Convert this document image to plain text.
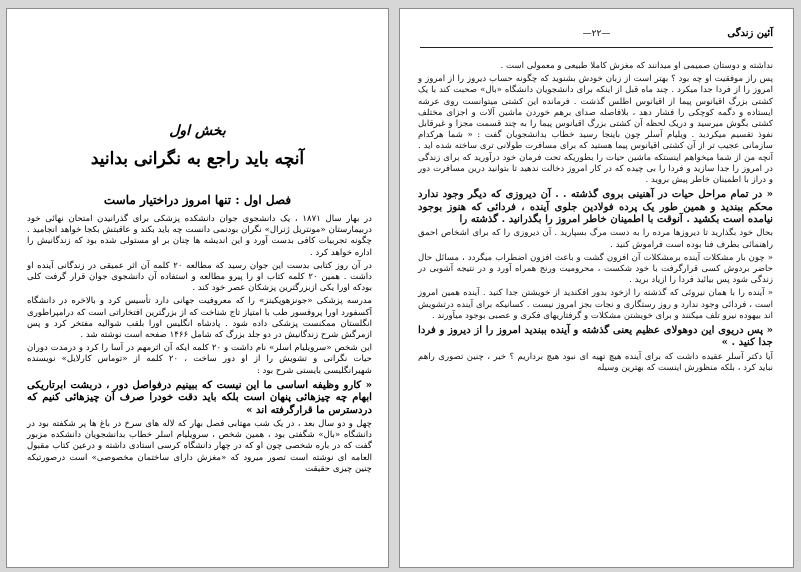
بخش اول
آنچه باید راجع به نگرانی بدانید
فصل اول : تنها امروز دراختیار ماست

در بهار سال ۱۸۷۱ ، یک دانشجوی جوان دانشکده پزشکی برای گذرانیدن امتحان نهائی خود دربیمارستان «مونتریل ژنرال» نگران بودنمی دانست چه باید بکند و عاقبتش بکجا خواهد انجامید . چگونه تجربیات کافی بدست آورد و این اندیشه ها چنان بر او مستولی شده بود که زندگانیش را اداره خواهد کرد .

در آن روز کتابی بدست این جوان رسید که مطالعه ۲۰ کلمه آن اثر عمیقی در زندگانی آینده او داشت . همین ۲۰ کلمه کتاب او را پیرو مطالعه و استفاده آن دانشجوی جوان قرار گرفت کلی بودکه اورا یکی ازبزرگترین پزشکان عصر خود کند .

مدرسه پزشکی «جونزهوپکینز» را که معروفیت جهانی دارد تأسیس کرد و بالاخره در دانشگاه آکسفورد اورا پروفسور طب با امتیاز تاج شناخت که از بزرگترین افتخاراتی است که درامپراطوری انگلستان ممکنست پزشکی داده شود . پادشاه انگلیس اورا بلقب شوالیه مفتخر کرد و پس ازمرگش شرح زندگانیش در دو جلد بزرگ که شامل ۱۴۶۶ صفحه است نوشته شد .

این شخص «سرویلیام اسلر» نام داشت و ۲۰ کلمه ایکه آن اثرمهم در آسا را کرد و درمدت دوران حیات نگرانی و تشویش را از او دور ساخت ، ۲۰ کلمه از «توماس کارلایل» نویسنده شهیرانگلیسی بایستی شرح بود :

« کارو وظیفه اساسی ما این نیست که ببینیم درفواصل دور ، دربشت ابرتاریکی ابهام چه چیزهائی پنهان است بلکه باید دقت خودرا صرف آن چیزهائی کنیم که دردسترس ما قرارگرفته اند »

چهل و دو سال بعد ، در یک شب مهتابی فصل بهار که لاله های سرخ در باغ ها پر شکفته بود در دانشگاه «بال» شگفتی بود ، همین شخص ، سرویلیام اسلر خطاب بدانشجویان دانشکده مزبور گفت که در باره شخصی چون او که در چهار دانشگاه کرسی استادی داشته و درعین کتاب مقبول العامه ای نوشته است تصور میرود که «مغزش دارای ساختمان مخصوصی» است درصورتیکه چنین چیزی حقیقت

آئین زندگی
—۲۲—

نداشته و دوستان صمیمی او میدانند که مغزش کاملا طبیعی و معمولی است .

پس راز موفقیت او چه بود ؟ بهتر است از زبان خودش بشنوید که چگونه حساب دیروز را از امروز و امروز را از فردا جدا میکرد . چند ماه قبل از اینکه برای دانشجویان دانشگاه «بال» صحبت کند با یک کشتی بزرگ اقیانوس پیما از اقیانوس اطلس گذشت . فرمانده این کشتی میتوانست روی عرشه ایستاده و دگمه کوچکی را فشار دهد ، بلافاصله صدای برهم خوردن ماشین آلات و اجزای مختلف کشتی بگوش میرسید و دریک لحظه آن کشتی بزرگ اقیانوس پیما را به چند قسمت مجزا و غیرقابل نفوذ تقسیم میکردید . ویلیام آسلر چون باینجا رسید خطاب بدانشجویان گفت : « شما هرکدام سازمانی عجیب تر از آن کشتی اقیانوس پیما هستید که برای مسافرت طولانی تری ساخته شده اید . آنچه من از شما میخواهم اینستکه ماشین حیات را بطوریکه تحت فرمان خود درآورید که برای زندگی در امروز را جدا سازید و فردا را بی چیده که در کار امروز دخالت ندهید تا بتوانید درین مسافرت دور و دراز با اطمینان خاطر پیش بروید .

« در تمام مراحل حیات در آهنینی بروی گذشته . . آن دیروزی که دیگر وجود ندارد محکم ببندید و همین طور یک پرده فولادین جلوی آینده ، فردائی که هنوز بوجود نیامده است بکشید . آنوقت با اطمینان خاطر امروز را بگذرانید . گذشته را

بحال خود بگذارید تا دیروزها مرده را به دست مرگ بسپارید . آن دیروزی را که برای اشخاص احمق راهنمائی بطرف فنا بوده است فراموش کنید .

« چون بار مشکلات آینده برمشکلات آن افزون گشت و باعث افزون اضطراب میگردد ، مسائل حال حاضر بردوش کسی قرارگرفت با خود شکست ، محرومیت ورنج همراه آورد و در نتیجه آشوبی در زندگی شود پس بیائید فردا را ازیاد برید .

« آینده را با همان نیروئی که گذشته را ازخود بدور افکندید از خویشتن جدا کنید . آینده همین امروز است ، فردائی وجود ندارد و روز رستگاری و نجات بجز امروز نیست . کسانیکه برای آینده درتشویش اند بیهوده نیرو تلف میکنند و برای خویشتن مشکلات و گرفتاریهای فکری و عصبی بوجود میآورند .

« پس دریوی این دوهولای عظیم یعنی گذشته و آینده ببندید امروز را از دیروز و فردا جدا کنید . »

آیا دکتر آسلر عقیده داشت که برای آینده هیچ تهیه ای نبود هیچ برداریم ؟ خیر ، چنین تصوری راهم نباید کرد ، بلکه منظورش اینست که بهترین وسیله
